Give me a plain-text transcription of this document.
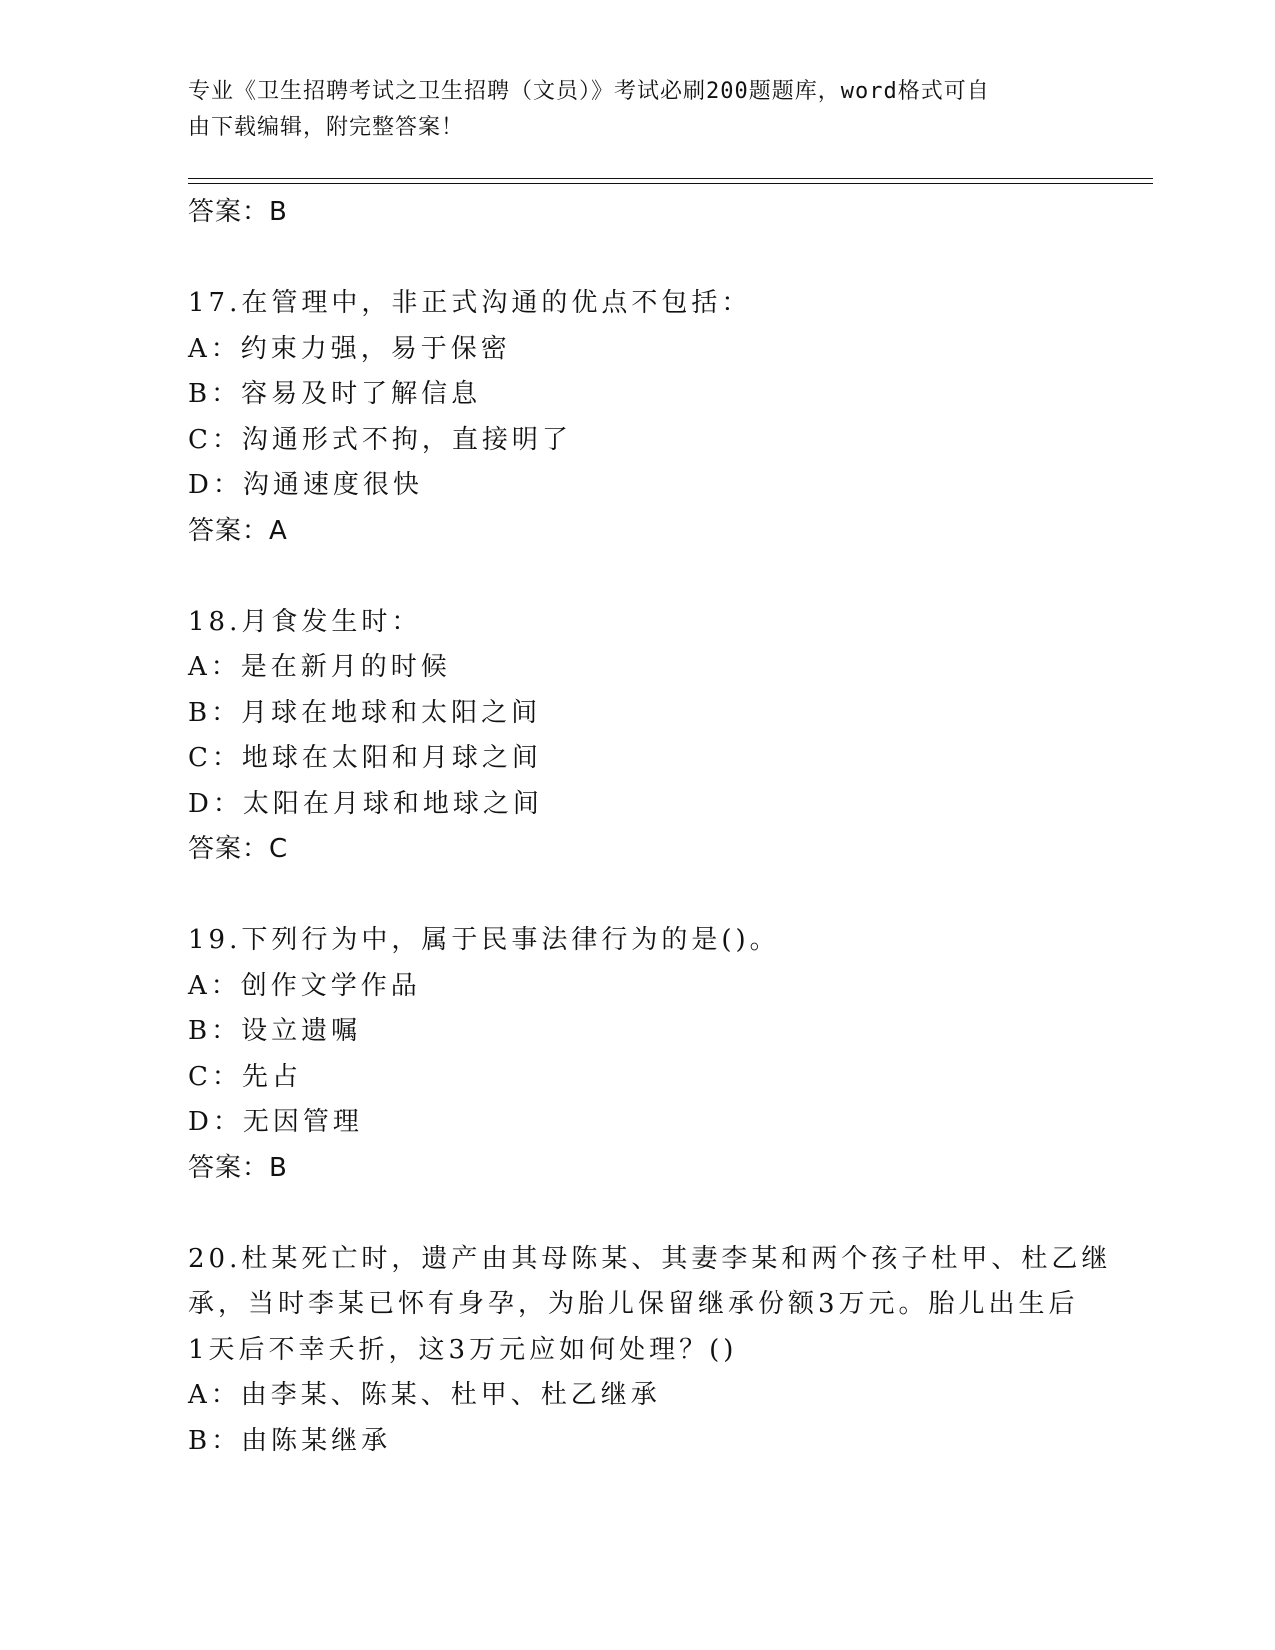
专业《卫生招聘考试之卫生招聘（文员）》考试必刷200题题库，word格式可自
由下载编辑，附完整答案！
答案：B
17.在管理中，非正式沟通的优点不包括：
A：约束力强，易于保密
B：容易及时了解信息
C：沟通形式不拘，直接明了
D：沟通速度很快
答案：A
18.月食发生时：
A：是在新月的时候
B：月球在地球和太阳之间
C：地球在太阳和月球之间
D：太阳在月球和地球之间
答案：C
19.下列行为中，属于民事法律行为的是()。
A：创作文学作品
B：设立遗嘱
C：先占
D：无因管理
答案：B
20.杜某死亡时，遗产由其母陈某、其妻李某和两个孩子杜甲、杜乙继
承，当时李某已怀有身孕，为胎儿保留继承份额3万元。胎儿出生后
1天后不幸夭折，这3万元应如何处理？()
A：由李某、陈某、杜甲、杜乙继承
B：由陈某继承
